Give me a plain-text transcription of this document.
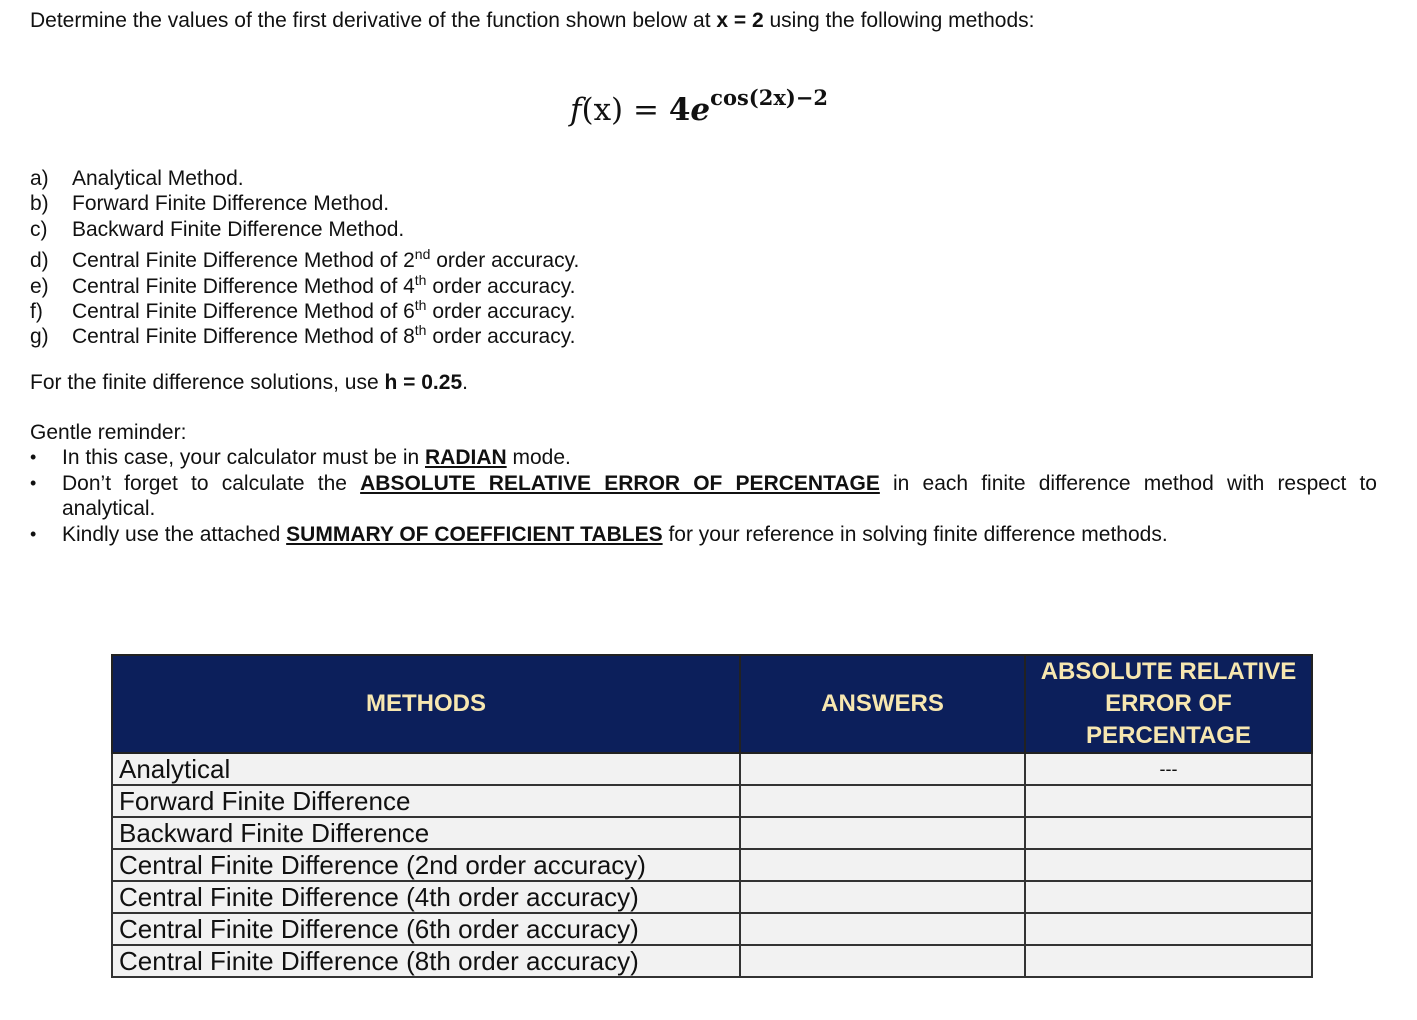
Determine the values of the first derivative of the function shown below at x = 2 using the following methods:
$f(x) = 4e^{cos(2x)-2}$
a) Analytical Method.
b) Forward Finite Difference Method.
c) Backward Finite Difference Method.
d) Central Finite Difference Method of 2nd order accuracy.
e) Central Finite Difference Method of 4th order accuracy.
f) Central Finite Difference Method of 6th order accuracy.
g) Central Finite Difference Method of 8th order accuracy.
For the finite difference solutions, use h = 0.25.
Gentle reminder:
• In this case, your calculator must be in RADIAN mode.
• Don’t forget to calculate the ABSOLUTE RELATIVE ERROR OF PERCENTAGE in each finite difference method with respect to
analytical.
• Kindly use the attached SUMMARY OF COEFFICIENT TABLES for your reference in solving finite difference methods.
METHODS	ANSWERS	ABSOLUTE RELATIVE
ERROR OF
PERCENTAGE
Analytical		---
Forward Finite Difference		
Backward Finite Difference		
Central Finite Difference (2nd order accuracy)		
Central Finite Difference (4th order accuracy)		
Central Finite Difference (6th order accuracy)		
Central Finite Difference (8th order accuracy)		
